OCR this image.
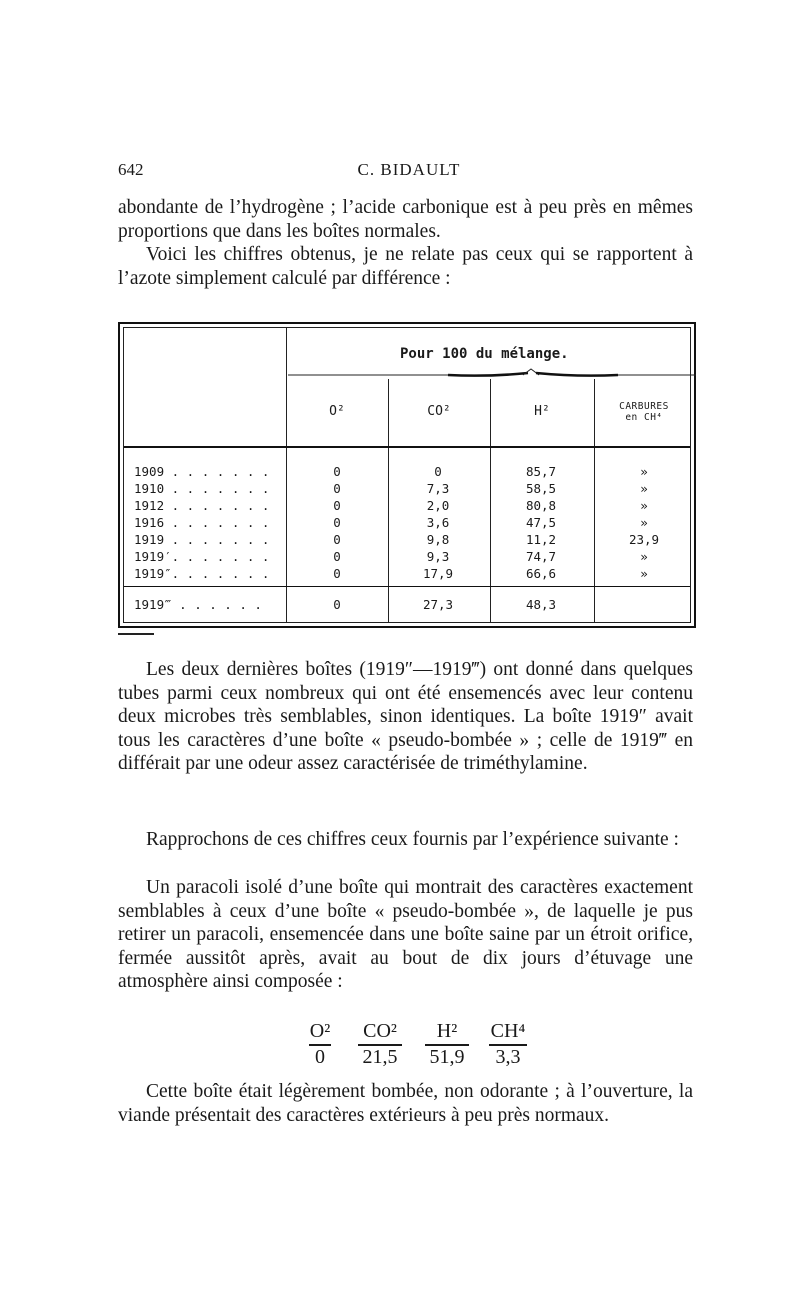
642	C. BIDAULT
abondante de l’hydrogène ; l’acide carbonique est à peu près en mêmes proportions que dans les boîtes normales.
Voici les chiffres obtenus, je ne relate pas ceux qui se rapportent à l’azote simplement calculé par différence :
Pour 100 du mélange.
O²	CO²	H²	CARBURES
en CH⁴
1909 . . . . . . .	0	0	85,7	»
1910 . . . . . . .	0	7,3	58,5	»
1912 . . . . . . .	0	2,0	80,8	»
1916 . . . . . . .	0	3,6	47,5	»
1919 . . . . . . .	0	9,8	11,2	23,9
1919′. . . . . . .	0	9,3	74,7	»
1919″. . . . . . .	0	17,9	66,6	»
1919‴ . . . . . .	0	27,3	48,3
Les deux dernières boîtes (1919″—1919‴) ont donné dans quelques tubes parmi ceux nombreux qui ont été ensemencés avec leur contenu deux microbes très semblables, sinon identiques. La boîte 1919″ avait tous les caractères d’une boîte « pseudo-bombée » ; celle de 1919‴ en différait par une odeur assez caractérisée de triméthylamine.
Rapprochons de ces chiffres ceux fournis par l’expérience suivante :
Un paracoli isolé d’une boîte qui montrait des caractères exactement semblables à ceux d’une boîte « pseudo-bombée », de laquelle je pus retirer un paracoli, ensemencée dans une boîte saine par un étroit orifice, fermée aussitôt après, avait au bout de dix jours d’étuvage une atmosphère ainsi composée :
O²
0
CO²
21,5
H²
51,9
CH⁴
3,3
Cette boîte était légèrement bombée, non odorante ; à l’ouverture, la viande présentait des caractères extérieurs à peu près normaux.
